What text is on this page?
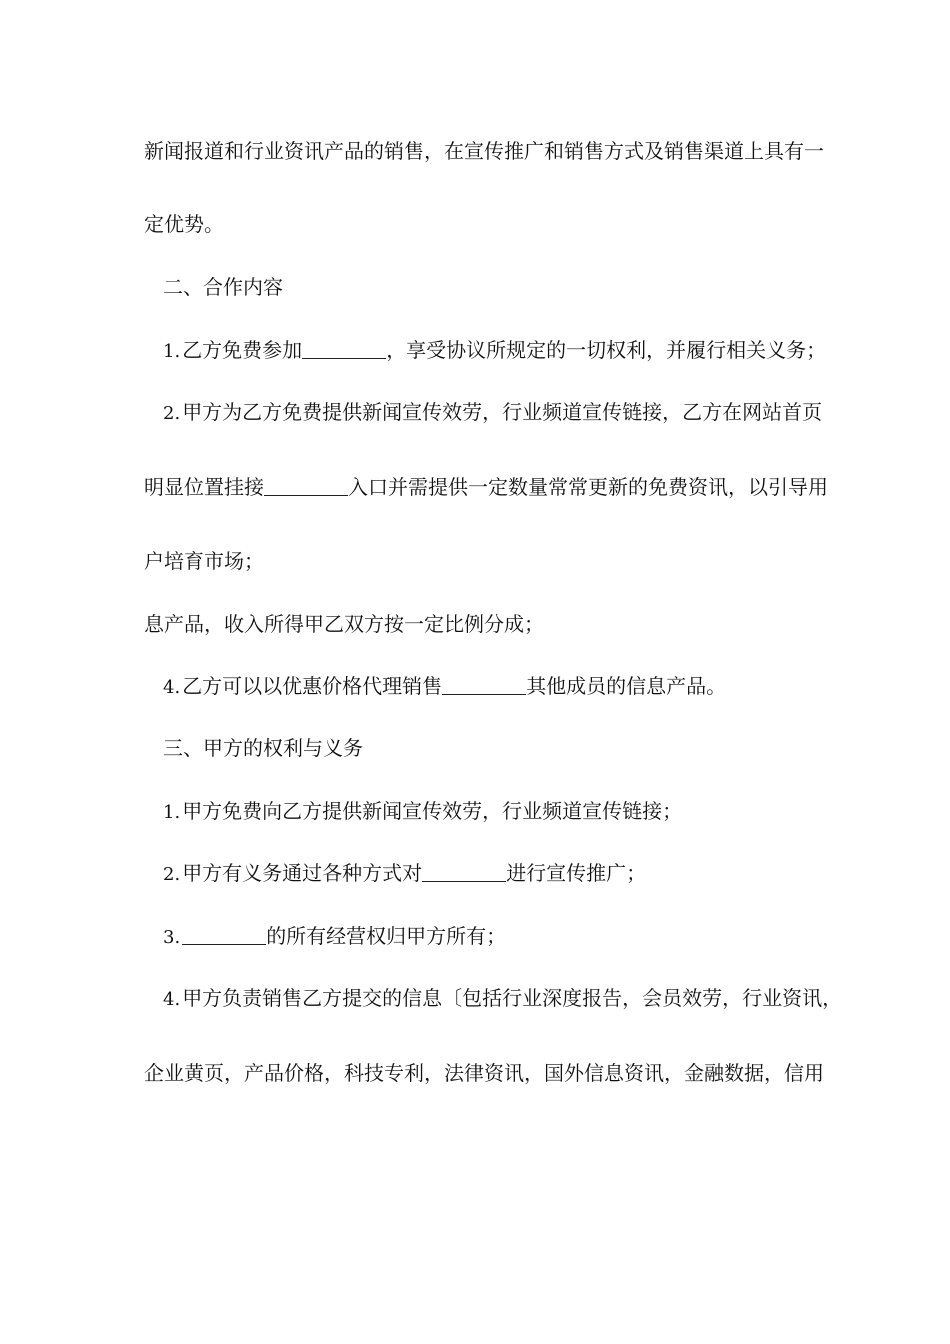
新闻报道和行业资讯产品的销售，在宣传推广和销售方式及销售渠道上具有一
定优势。
二、合作内容
1. 乙方免费参加	，享受协议所规定的一切权利，并履行相关义务；
2. 甲方为乙方免费提供新闻宣传效劳，行业频道宣传链接，乙方在网站首页
明显位置挂接	入口并需提供一定数量常常更新的免费资讯，以引导用
户培育市场；
息产品，收入所得甲乙双方按一定比例分成；
4. 乙方可以以优惠价格代理销售	其他成员的信息产品。
三、甲方的权利与义务
1. 甲方免费向乙方提供新闻宣传效劳，行业频道宣传链接；
2. 甲方有义务通过各种方式对	进行宣传推广；
3.	的所有经营权归甲方所有；
4. 甲方负责销售乙方提交的信息〔包括行业深度报告，会员效劳，行业资讯，
企业黄页，产品价格，科技专利，法律资讯，国外信息资讯，金融数据，信用
